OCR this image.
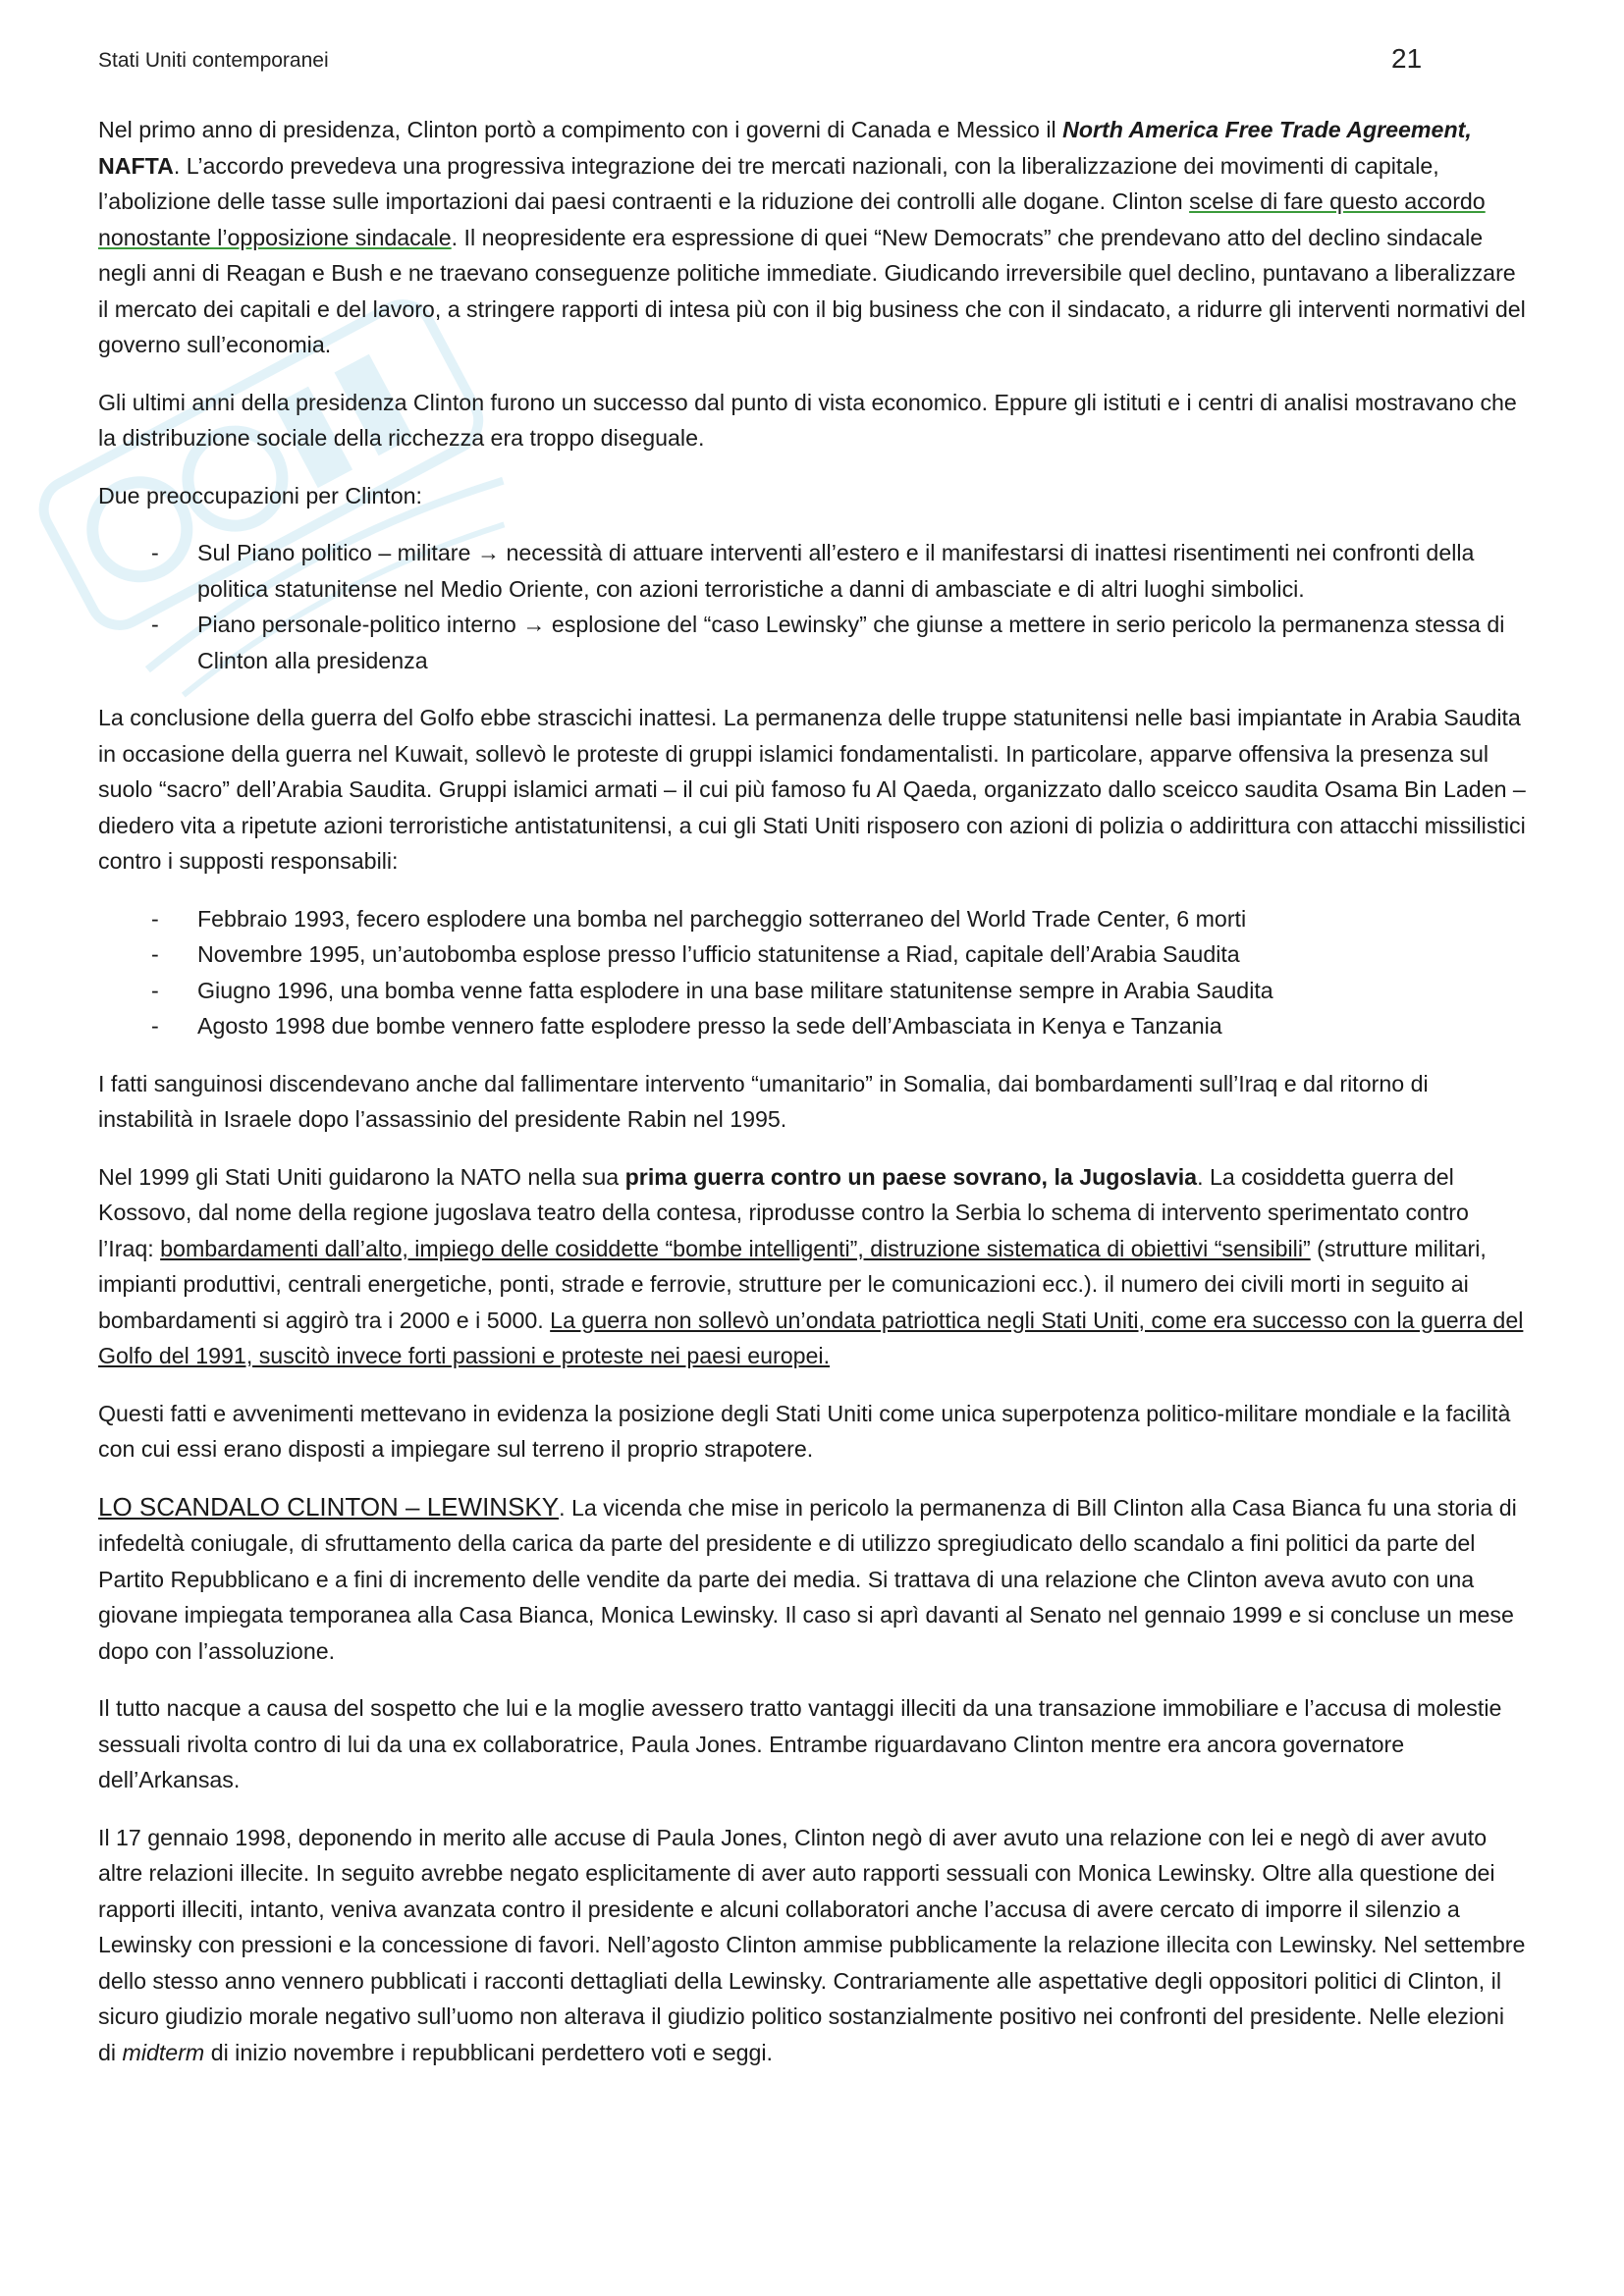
Stati Uniti contemporanei	21

Nel primo anno di presidenza, Clinton portò a compimento con i governi di Canada e Messico il North America Free Trade Agreement, NAFTA. L’accordo prevedeva una progressiva integrazione dei tre mercati nazionali, con la liberalizzazione dei movimenti di capitale, l’abolizione delle tasse sulle importazioni dai paesi contraenti e la riduzione dei controlli alle dogane. Clinton scelse di fare questo accordo nonostante l’opposizione sindacale. Il neopresidente era espressione di quei “New Democrats” che prendevano atto del declino sindacale negli anni di Reagan e Bush e ne traevano conseguenze politiche immediate. Giudicando irreversibile quel declino, puntavano a liberalizzare il mercato dei capitali e del lavoro, a stringere rapporti di intesa più con il big business che con il sindacato, a ridurre gli interventi normativi del governo sull’economia.

Gli ultimi anni della presidenza Clinton furono un successo dal punto di vista economico. Eppure gli istituti e i centri di analisi mostravano che la distribuzione sociale della ricchezza era troppo diseguale.

Due preoccupazioni per Clinton:

- Sul Piano politico – militare → necessità di attuare interventi all’estero e il manifestarsi di inattesi risentimenti nei confronti della politica statunitense nel Medio Oriente, con azioni terroristiche a danni di ambasciate e di altri luoghi simbolici.
- Piano personale-politico interno → esplosione del “caso Lewinsky” che giunse a mettere in serio pericolo la permanenza stessa di Clinton alla presidenza

La conclusione della guerra del Golfo ebbe strascichi inattesi. La permanenza delle truppe statunitensi nelle basi impiantate in Arabia Saudita in occasione della guerra nel Kuwait, sollevò le proteste di gruppi islamici fondamentalisti. In particolare, apparve offensiva la presenza sul suolo “sacro” dell’Arabia Saudita. Gruppi islamici armati – il cui più famoso fu Al Qaeda, organizzato dallo sceicco saudita Osama Bin Laden – diedero vita a ripetute azioni terroristiche antistatunitensi, a cui gli Stati Uniti risposero con azioni di polizia o addirittura con attacchi missilistici contro i supposti responsabili:

- Febbraio 1993, fecero esplodere una bomba nel parcheggio sotterraneo del World Trade Center, 6 morti
- Novembre 1995, un’autobomba esplose presso l’ufficio statunitense a Riad, capitale dell’Arabia Saudita
- Giugno 1996, una bomba venne fatta esplodere in una base militare statunitense sempre in Arabia Saudita
- Agosto 1998 due bombe vennero fatte esplodere presso la sede dell’Ambasciata in Kenya e Tanzania

I fatti sanguinosi discendevano anche dal fallimentare intervento “umanitario” in Somalia, dai bombardamenti sull’Iraq e dal ritorno di instabilità in Israele dopo l’assassinio del presidente Rabin nel 1995.

Nel 1999 gli Stati Uniti guidarono la NATO nella sua prima guerra contro un paese sovrano, la Jugoslavia. La cosiddetta guerra del Kossovo, dal nome della regione jugoslava teatro della contesa, riprodusse contro la Serbia lo schema di intervento sperimentato contro l’Iraq: bombardamenti dall’alto, impiego delle cosiddette “bombe intelligenti”, distruzione sistematica di obiettivi “sensibili” (strutture militari, impianti produttivi, centrali energetiche, ponti, strade e ferrovie, strutture per le comunicazioni ecc.). il numero dei civili morti in seguito ai bombardamenti si aggirò tra i 2000 e i 5000. La guerra non sollevò un’ondata patriottica negli Stati Uniti, come era successo con la guerra del Golfo del 1991, suscitò invece forti passioni e proteste nei paesi europei.

Questi fatti e avvenimenti mettevano in evidenza la posizione degli Stati Uniti come unica superpotenza politico-militare mondiale e la facilità con cui essi erano disposti a impiegare sul terreno il proprio strapotere.

LO SCANDALO CLINTON – LEWINSKY. La vicenda che mise in pericolo la permanenza di Bill Clinton alla Casa Bianca fu una storia di infedeltà coniugale, di sfruttamento della carica da parte del presidente e di utilizzo spregiudicato dello scandalo a fini politici da parte del Partito Repubblicano e a fini di incremento delle vendite da parte dei media. Si trattava di una relazione che Clinton aveva avuto con una giovane impiegata temporanea alla Casa Bianca, Monica Lewinsky. Il caso si aprì davanti al Senato nel gennaio 1999 e si concluse un mese dopo con l’assoluzione.

Il tutto nacque a causa del sospetto che lui e la moglie avessero tratto vantaggi illeciti da una transazione immobiliare e l’accusa di molestie sessuali rivolta contro di lui da una ex collaboratrice, Paula Jones. Entrambe riguardavano Clinton mentre era ancora governatore dell’Arkansas.

Il 17 gennaio 1998, deponendo in merito alle accuse di Paula Jones, Clinton negò di aver avuto una relazione con lei e negò di aver avuto altre relazioni illecite. In seguito avrebbe negato esplicitamente di aver auto rapporti sessuali con Monica Lewinsky. Oltre alla questione dei rapporti illeciti, intanto, veniva avanzata contro il presidente e alcuni collaboratori anche l’accusa di avere cercato di imporre il silenzio a Lewinsky con pressioni e la concessione di favori. Nell’agosto Clinton ammise pubblicamente la relazione illecita con Lewinsky. Nel settembre dello stesso anno vennero pubblicati i racconti dettagliati della Lewinsky. Contrariamente alle aspettative degli oppositori politici di Clinton, il sicuro giudizio morale negativo sull’uomo non alterava il giudizio politico sostanzialmente positivo nei confronti del presidente. Nelle elezioni di midterm di inizio novembre i repubblicani perdettero voti e seggi.
